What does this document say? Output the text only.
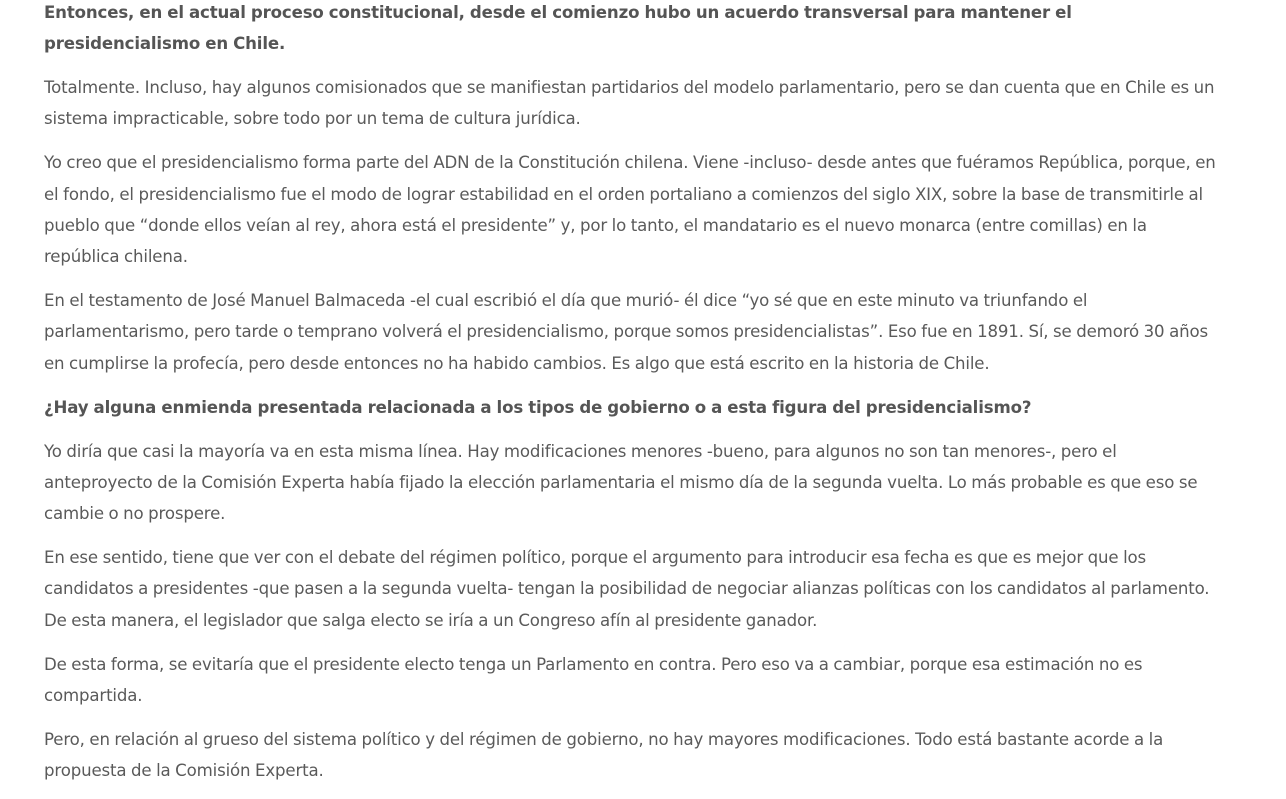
Entonces, en el actual proceso constitucional, desde el comienzo hubo un acuerdo transversal para mantener el presidencialismo en Chile.

Totalmente. Incluso, hay algunos comisionados que se manifiestan partidarios del modelo parlamentario, pero se dan cuenta que en Chile es un sistema impracticable, sobre todo por un tema de cultura jurídica.

Yo creo que el presidencialismo forma parte del ADN de la Constitución chilena. Viene -incluso- desde antes que fuéramos República, porque, en el fondo, el presidencialismo fue el modo de lograr estabilidad en el orden portaliano a comienzos del siglo XIX, sobre la base de transmitirle al pueblo que “donde ellos veían al rey, ahora está el presidente” y, por lo tanto, el mandatario es el nuevo monarca (entre comillas) en la república chilena.

En el testamento de José Manuel Balmaceda -el cual escribió el día que murió- él dice “yo sé que en este minuto va triunfando el parlamentarismo, pero tarde o temprano volverá el presidencialismo, porque somos presidencialistas”. Eso fue en 1891. Sí, se demoró 30 años en cumplirse la profecía, pero desde entonces no ha habido cambios. Es algo que está escrito en la historia de Chile.

¿Hay alguna enmienda presentada relacionada a los tipos de gobierno o a esta figura del presidencialismo?

Yo diría que casi la mayoría va en esta misma línea. Hay modificaciones menores -bueno, para algunos no son tan menores-, pero el anteproyecto de la Comisión Experta había fijado la elección parlamentaria el mismo día de la segunda vuelta. Lo más probable es que eso se cambie o no prospere.

En ese sentido, tiene que ver con el debate del régimen político, porque el argumento para introducir esa fecha es que es mejor que los candidatos a presidentes -que pasen a la segunda vuelta- tengan la posibilidad de negociar alianzas políticas con los candidatos al parlamento. De esta manera, el legislador que salga electo se iría a un Congreso afín al presidente ganador.

De esta forma, se evitaría que el presidente electo tenga un Parlamento en contra. Pero eso va a cambiar, porque esa estimación no es compartida.

Pero, en relación al grueso del sistema político y del régimen de gobierno, no hay mayores modificaciones. Todo está bastante acorde a la propuesta de la Comisión Experta.
